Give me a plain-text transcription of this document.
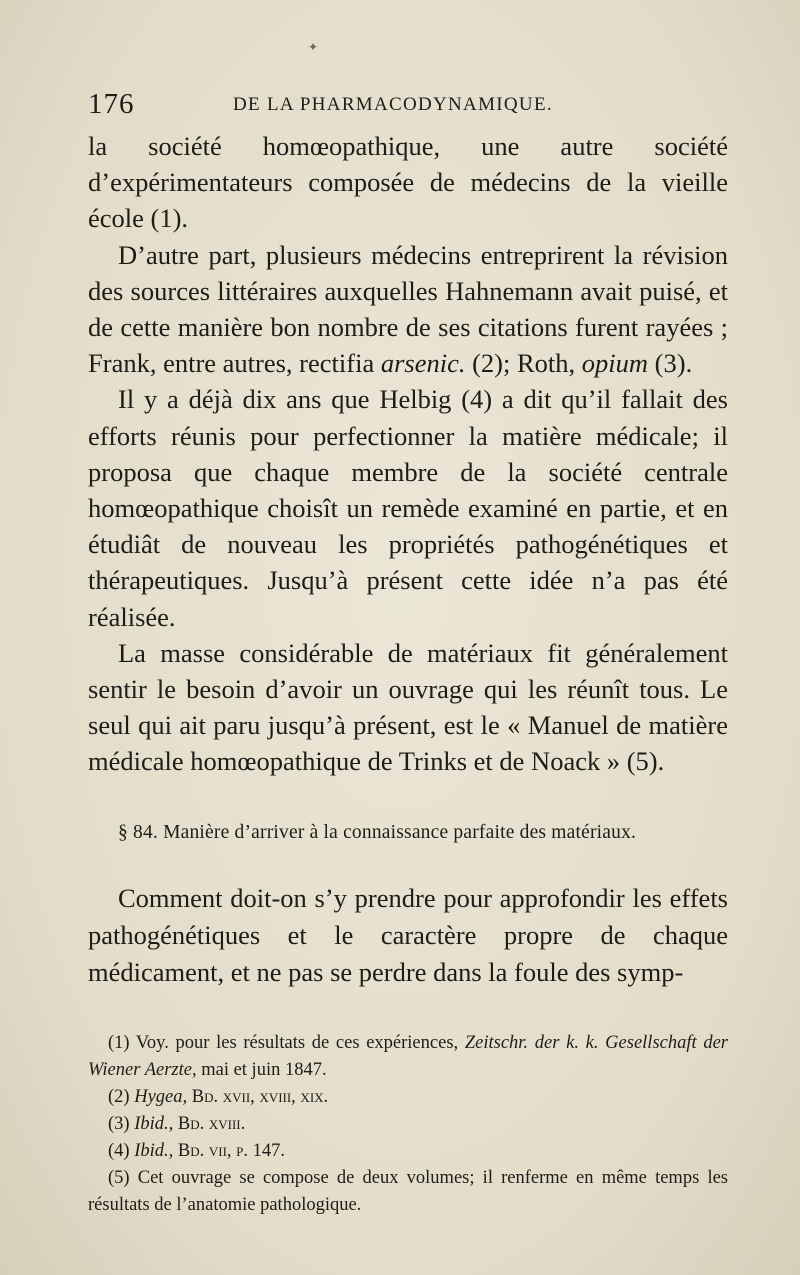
✦
176	DE LA PHARMACODYNAMIQUE.

la société homœopathique, une autre société d’expérimentateurs composée de médecins de la vieille école (1).

D’autre part, plusieurs médecins entreprirent la révision des sources littéraires auxquelles Hahnemann avait puisé, et de cette manière bon nombre de ses citations furent rayées ; Frank, entre autres, rectifia arsenic. (2); Roth, opium (3).

Il y a déjà dix ans que Helbig (4) a dit qu’il fallait des efforts réunis pour perfectionner la matière médicale; il proposa que chaque membre de la société centrale homœopathique choisît un remède examiné en partie, et en étudiât de nouveau les propriétés pathogénétiques et thérapeutiques. Jusqu’à présent cette idée n’a pas été réalisée.

La masse considérable de matériaux fit généralement sentir le besoin d’avoir un ouvrage qui les réunît tous. Le seul qui ait paru jusqu’à présent, est le « Manuel de matière médicale homœopathique de Trinks et de Noack » (5).

§ 84. Manière d’arriver à la connaissance parfaite des matériaux.

Comment doit-on s’y prendre pour approfondir les effets pathogénétiques et le caractère propre de chaque médicament, et ne pas se perdre dans la foule des symp-

(1) Voy. pour les résultats de ces expériences, Zeitschr. der k. k. Gesellschaft der Wiener Aerzte, mai et juin 1847.

(2) Hygea, Bd. xvii, xviii, xix.

(3) Ibid., Bd. xviii.

(4) Ibid., Bd. vii, p. 147.

(5) Cet ouvrage se compose de deux volumes; il renferme en même temps les résultats de l’anatomie pathologique.
